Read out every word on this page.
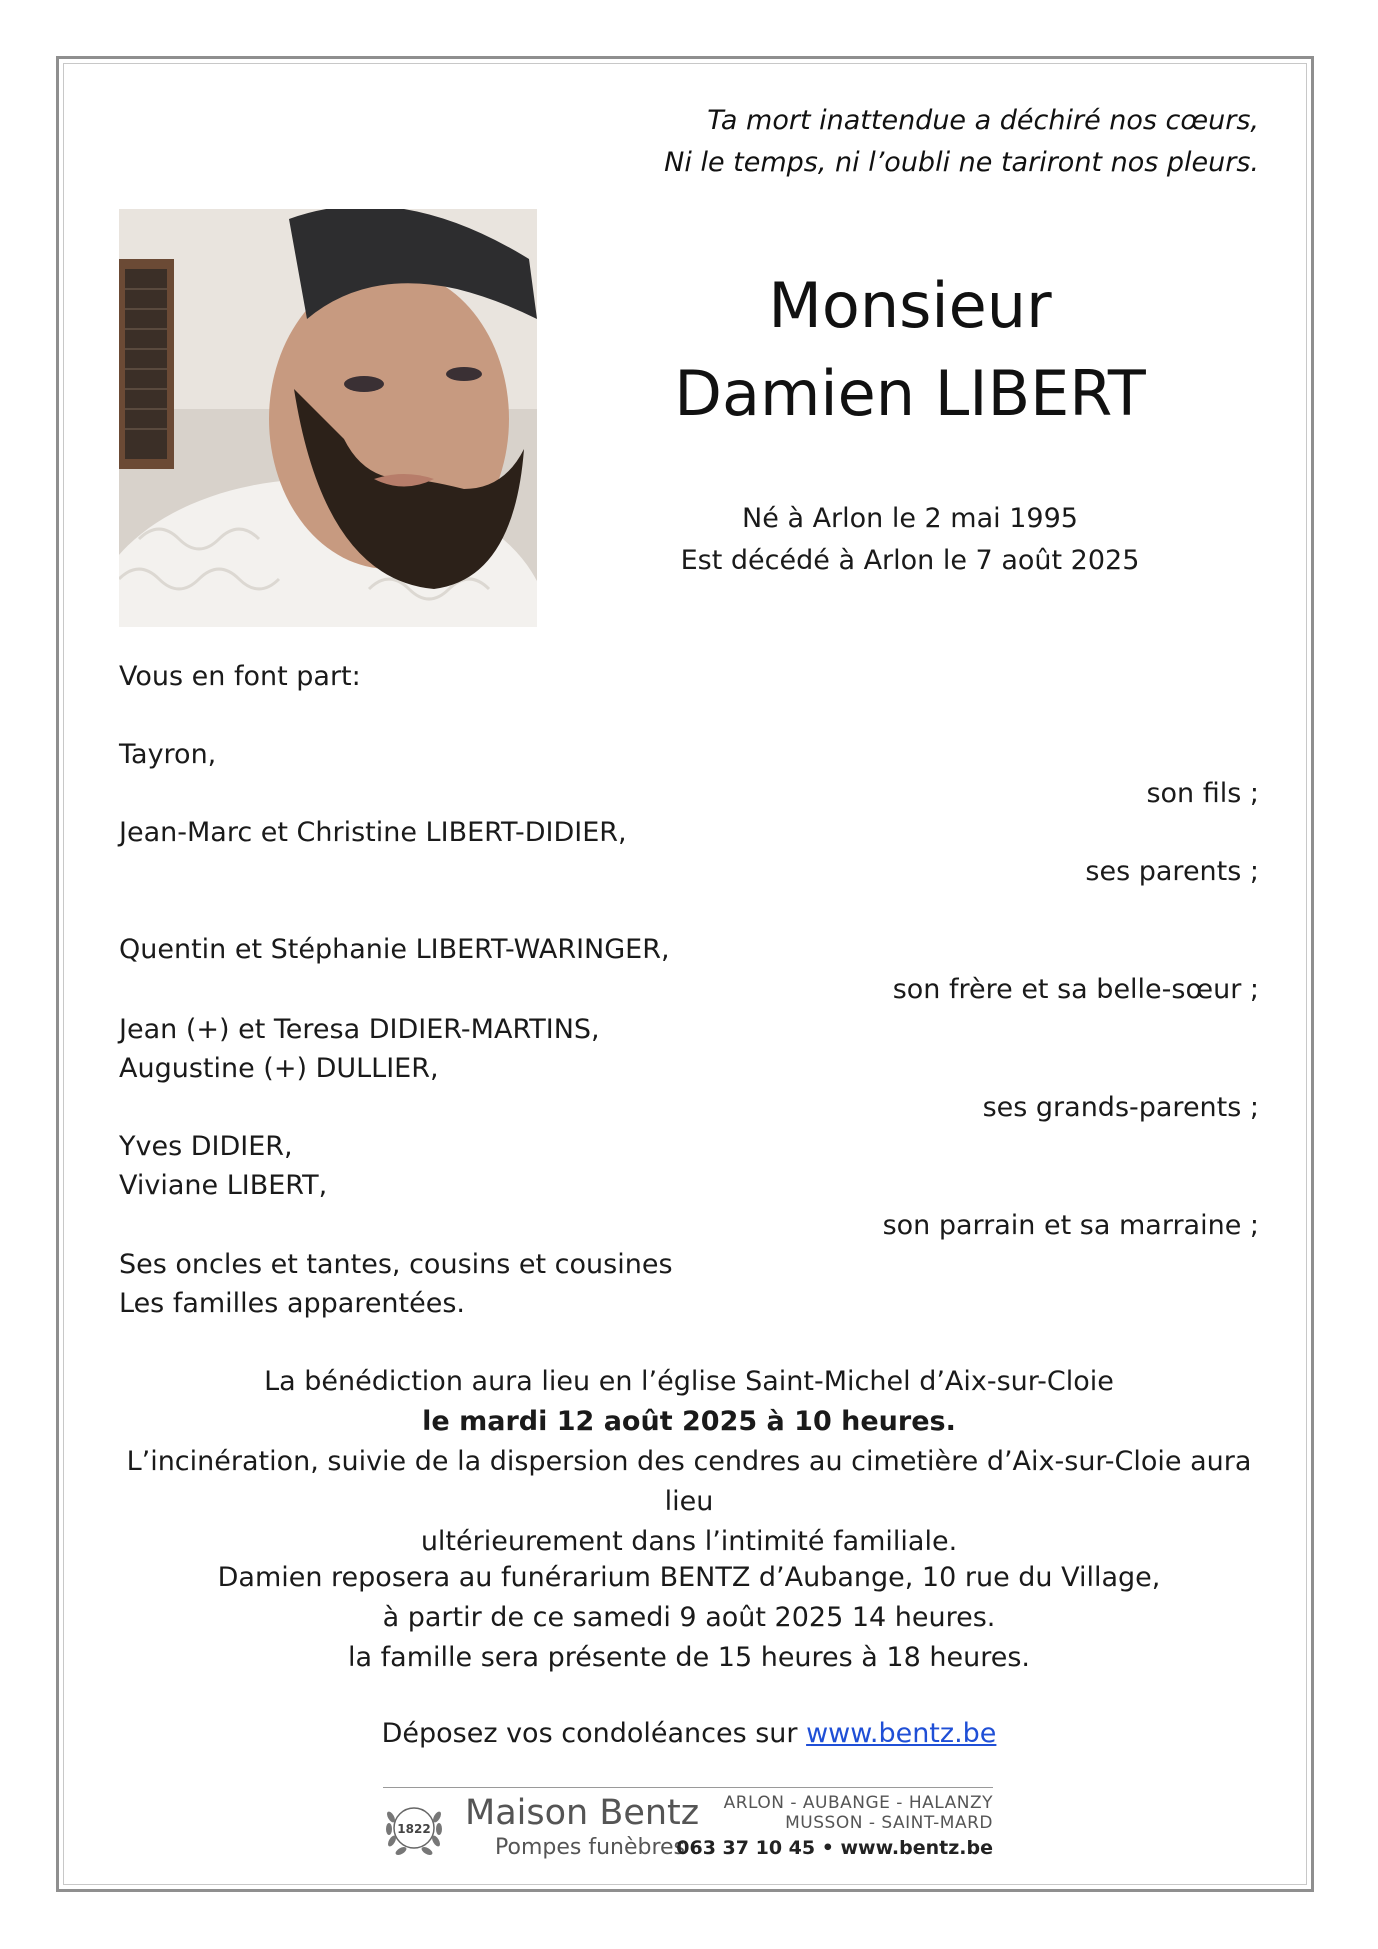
Ta mort inattendue a déchiré nos cœurs,
Ni le temps, ni l’oubli ne tariront nos pleurs.
Monsieur
Damien LIBERT
Né à Arlon le 2 mai 1995
Est décédé à Arlon le 7 août 2025
Vous en font part:
Tayron,
son fils ;
Jean-Marc et Christine LIBERT-DIDIER,
ses parents ;
Quentin et Stéphanie LIBERT-WARINGER,
son frère et sa belle-sœur ;
Jean (+) et Teresa DIDIER-MARTINS,
Augustine (+) DULLIER,
ses grands-parents ;
Yves DIDIER,
Viviane LIBERT,
son parrain et sa marraine ;
Ses oncles et tantes, cousins et cousines
Les familles apparentées.
La bénédiction aura lieu en l’église Saint-Michel d’Aix-sur-Cloie
le mardi 12 août 2025 à 10 heures.
L’incinération, suivie de la dispersion des cendres au cimetière d’Aix-sur-Cloie aura lieu
ultérieurement dans l’intimité familiale.
Damien reposera au funérarium BENTZ d’Aubange, 10 rue du Village,
à partir de ce samedi 9 août 2025 14 heures.
la famille sera présente de 15 heures à 18 heures.
Déposez vos condoléances sur www.bentz.be
1822 Maison Bentz
Pompes funèbres
ARLON - AUBANGE - HALANZY
MUSSON - SAINT-MARD
063 37 10 45 • www.bentz.be
